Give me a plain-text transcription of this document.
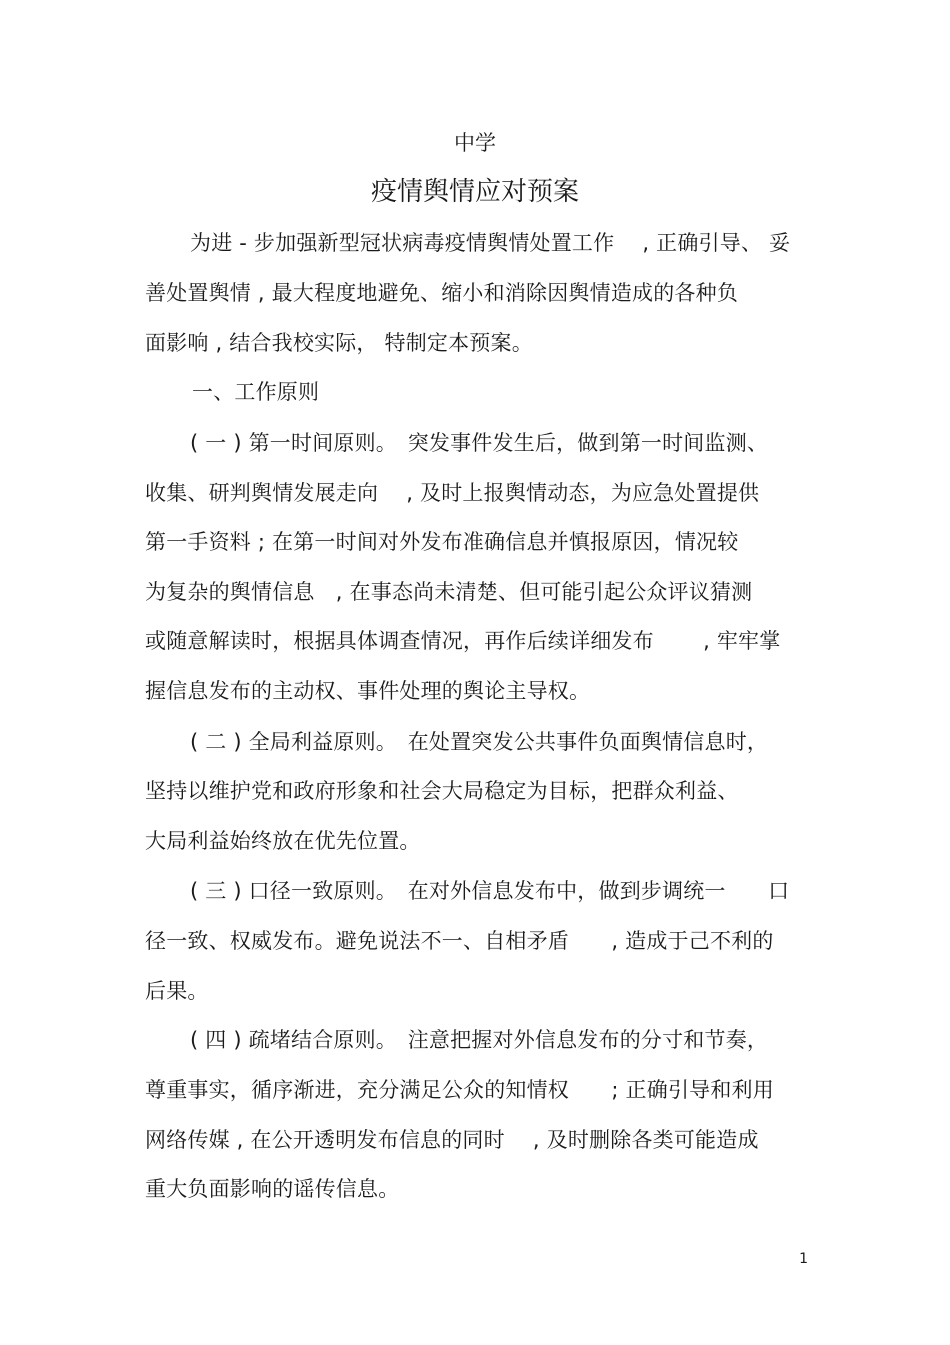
中学
疫情舆情应对预案
为进 - 步加强新型冠状病毒疫情舆情处置工作　 , 正确引导、 妥
善处置舆情 , 最大程度地避免、缩小和消除因舆情造成的各种负
面影响 , 结合我校实际， 特制定本预案。
一、工作原则
( 一 ) 第一时间原则。　突发事件发生后，做到第一时间监测、
收集、研判舆情发展走向　 , 及时上报舆情动态，为应急处置提供
第一手资料 ; 在第一时间对外发布准确信息并慎报原因，情况较
为复杂的舆情信息　, 在事态尚未清楚、但可能引起公众评议猜测
或随意解读时，根据具体调查情况，再作后续详细发布　　 , 牢牢掌
握信息发布的主动权、事件处理的舆论主导权。
( 二 ) 全局利益原则。　在处置突发公共事件负面舆情信息时，
坚持以维护党和政府形象和社会大局稳定为目标，把群众利益、
大局利益始终放在优先位置。
( 三 ) 口径一致原则。　在对外信息发布中，做到步调统一　　口
径一致、权威发布。避免说法不一、自相矛盾　　, 造成于己不利的
后果。
( 四 ) 疏堵结合原则。　注意把握对外信息发布的分寸和节奏，
尊重事实，循序渐进，充分满足公众的知情权　　; 正确引导和利用
网络传媒 , 在公开透明发布信息的同时　 , 及时删除各类可能造成
重大负面影响的谣传信息。
1
